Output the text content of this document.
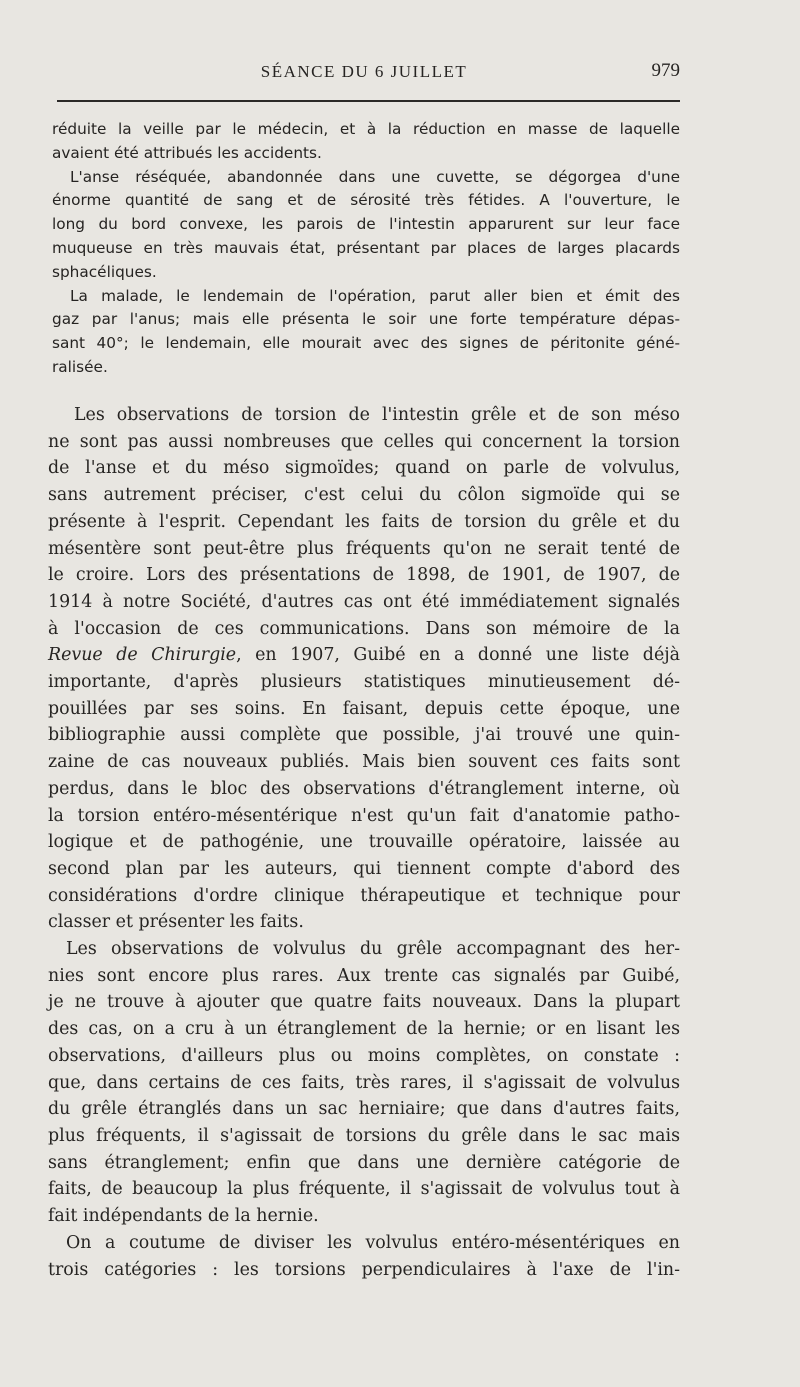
SÉANCE DU 6 JUILLET	979

réduite la veille par le médecin, et à la réduction en masse de laquelle

avaient été attribués les accidents.

L'anse réséquée, abandonnée dans une cuvette, se dégorgea d'une

énorme quantité de sang et de sérosité très fétides. A l'ouverture, le

long du bord convexe, les parois de l'intestin apparurent sur leur face

muqueuse en très mauvais état, présentant par places de larges placards

sphacéliques.

La malade, le lendemain de l'opération, parut aller bien et émit des

gaz par l'anus; mais elle présenta le soir une forte température dépas-

sant 40°; le lendemain, elle mourait avec des signes de péritonite géné-

ralisée.

Les observations de torsion de l'intestin grêle et de son méso

ne sont pas aussi nombreuses que celles qui concernent la torsion

de l'anse et du méso sigmoïdes; quand on parle de volvulus,

sans autrement préciser, c'est celui du côlon sigmoïde qui se

présente à l'esprit. Cependant les faits de torsion du grêle et du

mésentère sont peut-être plus fréquents qu'on ne serait tenté de

le croire. Lors des présentations de 1898, de 1901, de 1907, de

1914 à notre Société, d'autres cas ont été immédiatement signalés

à l'occasion de ces communications. Dans son mémoire de la

Revue de Chirurgie, en 1907, Guibé en a donné une liste déjà

importante, d'après plusieurs statistiques minutieusement dé-

pouillées par ses soins. En faisant, depuis cette époque, une

bibliographie aussi complète que possible, j'ai trouvé une quin-

zaine de cas nouveaux publiés. Mais bien souvent ces faits sont

perdus, dans le bloc des observations d'étranglement interne, où

la torsion entéro-mésentérique n'est qu'un fait d'anatomie patho-

logique et de pathogénie, une trouvaille opératoire, laissée au

second plan par les auteurs, qui tiennent compte d'abord des

considérations d'ordre clinique thérapeutique et technique pour

classer et présenter les faits.

Les observations de volvulus du grêle accompagnant des her-

nies sont encore plus rares. Aux trente cas signalés par Guibé,

je ne trouve à ajouter que quatre faits nouveaux. Dans la plupart

des cas, on a cru à un étranglement de la hernie; or en lisant les

observations, d'ailleurs plus ou moins complètes, on constate :

que, dans certains de ces faits, très rares, il s'agissait de volvulus

du grêle étranglés dans un sac herniaire; que dans d'autres faits,

plus fréquents, il s'agissait de torsions du grêle dans le sac mais

sans étranglement; enfin que dans une dernière catégorie de

faits, de beaucoup la plus fréquente, il s'agissait de volvulus tout à

fait indépendants de la hernie.

On a coutume de diviser les volvulus entéro-mésentériques en

trois catégories : les torsions perpendiculaires à l'axe de l'in-
